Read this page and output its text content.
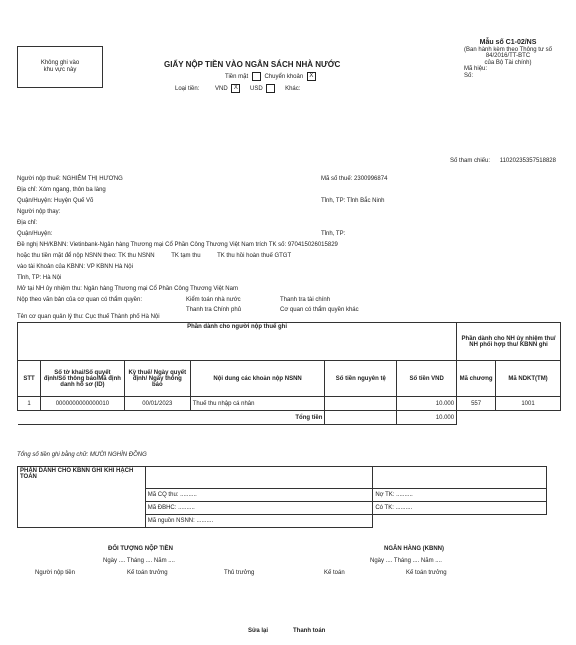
Không ghi vào
khu vực này
Mẫu số C1-02/NS
(Ban hành kèm theo Thông tư số
84/2016/TT-BTC
của Bộ Tài chính)
Mã hiệu:
Số:
GIẤY NỘP TIỀN VÀO NGÂN SÁCH NHÀ NƯỚC
Tiền mặt	Chuyển khoản X
Loại tiền:	VND X USD	Khác:
Số tham chiếu: 11020235357518828
Người nộp thuế: NGHIÊM THỊ HƯƠNG	Mã số thuế: 2300996874
Địa chỉ: Xóm ngang, thôn ba làng
Quận/Huyện: Huyện Quế Võ	Tỉnh, TP: Tỉnh Bắc Ninh
Người nộp thay:
Địa chỉ:
Quận/Huyện:	Tỉnh, TP:
Đề nghị NH/KBNN: Vietinbank-Ngân hàng Thương mại Cổ Phần Công Thương Việt Nam trích TK số: 970415026015829
hoặc thu tiền mặt để nộp NSNN theo: TK thu NSNN          TK tạm thu          TK thu hồi hoàn thuế GTGT
vào tài Khoản của KBNN: VP KBNN Hà Nội
Tỉnh, TP: Hà Nội
Mở tại NH ủy nhiệm thu: Ngân hàng Thương mại Cổ Phần Công Thương Việt Nam
Nộp theo văn bản của cơ quan có thẩm quyền:	Kiểm toán nhà nước	Thanh tra tài chính
Thanh tra Chính phủ	Cơ quan có thẩm quyền khác
Tên cơ quan quản lý thu: Cục thuế Thành phố Hà Nội
Phần dành cho người nộp thuế ghi						Phần dành cho NH ủy nhiệm thu/ NH phối hợp thu/ KBNN ghi	
STT	Số tờ khai/Số quyết định/Số thông báo/Mã định danh hồ sơ (ID)	Kỳ thuế/ Ngày quyết định/ Ngày thông báo	Nội dung các khoản nộp NSNN	Số tiền nguyên tệ	Số tiền VND	Mã chương	Mã NDKT(TM)
1	0000000000000010	00/01/2023	Thuế thu nhập cá nhân		10.000	557	1001
Tổng tiền					10.000		
Tổng số tiền ghi bằng chữ: MƯỜI NGHÌN ĐỒNG
PHẦN DÀNH CHO KBNN GHI KHI HẠCH TOÁN		
	Mã CQ thu: ..........	Nợ TK: ..........
	Mã ĐBHC: ..........	Có TK: ..........
	Mã nguồn NSNN: ..........	
ĐỐI TƯỢNG NỘP TIỀN
Ngày .... Tháng .... Năm ....
Người nộp tiền	Kế toán trưởng	Thủ trưởng
NGÂN HÀNG (KBNN)
Ngày .... Tháng .... Năm ....
Kế toán	Kế toán trưởng
Sửa lại	Thanh toán
